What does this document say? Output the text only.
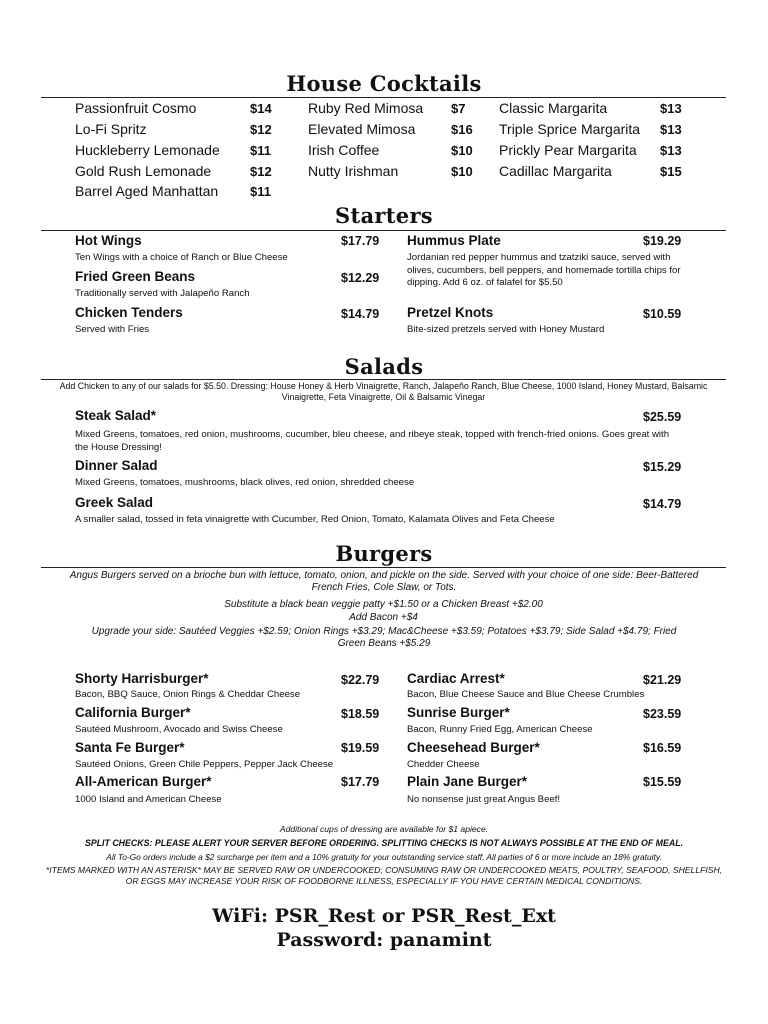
House Cocktails
Passionfruit Cosmo	$14
Lo-Fi Spritz	$12
Huckleberry Lemonade $11
Gold Rush Lemonade	$12
Barrel Aged Manhattan $11
Ruby Red Mimosa $7
Elevated Mimosa	$16
Irish Coffee	$10
Nutty Irishman	$10
Classic Margarita	$13
Triple Sprice Margarita $13
Prickly Pear Margarita $13
Cadillac Margarita	$15
Starters
Hot Wings	$17.79
Ten Wings with a choice of Ranch or Blue Cheese
Fried Green Beans	$12.29
Traditionally served with Jalapeño Ranch
Chicken Tenders	$14.79
Served with Fries
Hummus Plate	$19.29
Jordanian red pepper hummus and tzatziki sauce, served with olives, cucumbers, bell peppers, and homemade tortilla chips for dipping. Add 6 oz. of falafel for $5.50
Pretzel Knots	$10.59
Bite-sized pretzels served with Honey Mustard
Salads
Add Chicken to any of our salads for $5.50. Dressing: House Honey & Herb Vinaigrette, Ranch, Jalapeño Ranch, Blue Cheese, 1000 Island, Honey Mustard, Balsamic Vinaigrette, Feta Vinaigrette, Oil & Balsamic Vinegar
Steak Salad*	$25.59
Mixed Greens, tomatoes, red onion, mushrooms, cucumber, bleu cheese, and ribeye steak, topped with french-fried onions. Goes great with the House Dressing!
Dinner Salad	$15.29
Mixed Greens, tomatoes, mushrooms, black olives, red onion, shredded cheese
Greek Salad	$14.79
A smaller salad, tossed in feta vinaigrette with Cucumber, Red Onion, Tomato, Kalamata Olives and Feta Cheese
Burgers
Angus Burgers served on a brioche bun with lettuce, tomato, onion, and pickle on the side. Served with your choice of one side: Beer-Battered French Fries, Cole Slaw, or Tots.
Substitute a black bean veggie patty +$1.50 or a Chicken Breast +$2.00
Add Bacon +$4
Upgrade your side: Sautéed Veggies +$2.59; Onion Rings +$3.29; Mac&Cheese +$3.59; Potatoes +$3.79; Side Salad +$4.79; Fried Green Beans +$5.29
Shorty Harrisburger*	$22.79
Bacon, BBQ Sauce, Onion Rings & Cheddar Cheese
California Burger*	$18.59
Sautéed Mushroom, Avocado and Swiss Cheese
Santa Fe Burger*	$19.59
Sautéed Onions, Green Chile Peppers, Pepper Jack Cheese
All-American Burger*	$17.79
1000 Island and American Cheese
Cardiac Arrest*	$21.29
Bacon, Blue Cheese Sauce and Blue Cheese Crumbles
Sunrise Burger*	$23.59
Bacon, Runny Fried Egg, American Cheese
Cheesehead Burger*	$16.59
Chedder Cheese
Plain Jane Burger*	$15.59
No nonsense just great Angus Beef!
Additional cups of dressing are available for $1 apiece.
SPLIT CHECKS: PLEASE ALERT YOUR SERVER BEFORE ORDERING. SPLITTING CHECKS IS NOT ALWAYS POSSIBLE AT THE END OF MEAL.
All To-Go orders include a $2 surcharge per item and a 10% gratuity for your outstanding service staff. All parties of 6 or more include an 18% gratuity.
*ITEMS MARKED WITH AN ASTERISK* MAY BE SERVED RAW OR UNDERCOOKED; CONSUMING RAW OR UNDERCOOKED MEATS, POULTRY, SEAFOOD, SHELLFISH, OR EGGS MAY INCREASE YOUR RISK OF FOODBORNE ILLNESS, ESPECIALLY IF YOU HAVE CERTAIN MEDICAL CONDITIONS.
WiFi: PSR_Rest or PSR_Rest_Ext
Password: panamint
